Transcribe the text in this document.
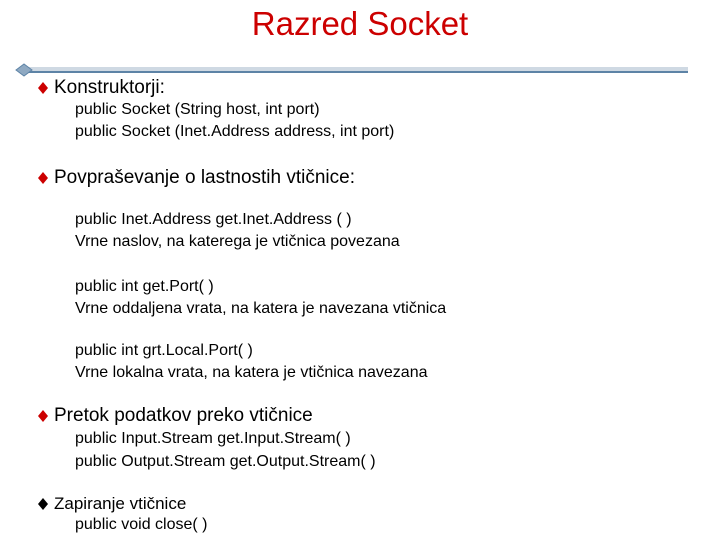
Razred Socket
Konstruktorji:
public Socket (String host, int port)
public Socket (Inet.Address address, int port)
Povpraševanje o lastnostih vtičnice:
public Inet.Address get.Inet.Address ( )
Vrne naslov, na katerega je vtičnica povezana
public int get.Port( )
Vrne oddaljena vrata, na katera je navezana vtičnica
public int grt.Local.Port( )
Vrne lokalna vrata, na katera je vtičnica navezana
Pretok podatkov preko vtičnice
public Input.Stream get.Input.Stream( )
public Output.Stream get.Output.Stream( )
Zapiranje vtičnice
public void close( )
